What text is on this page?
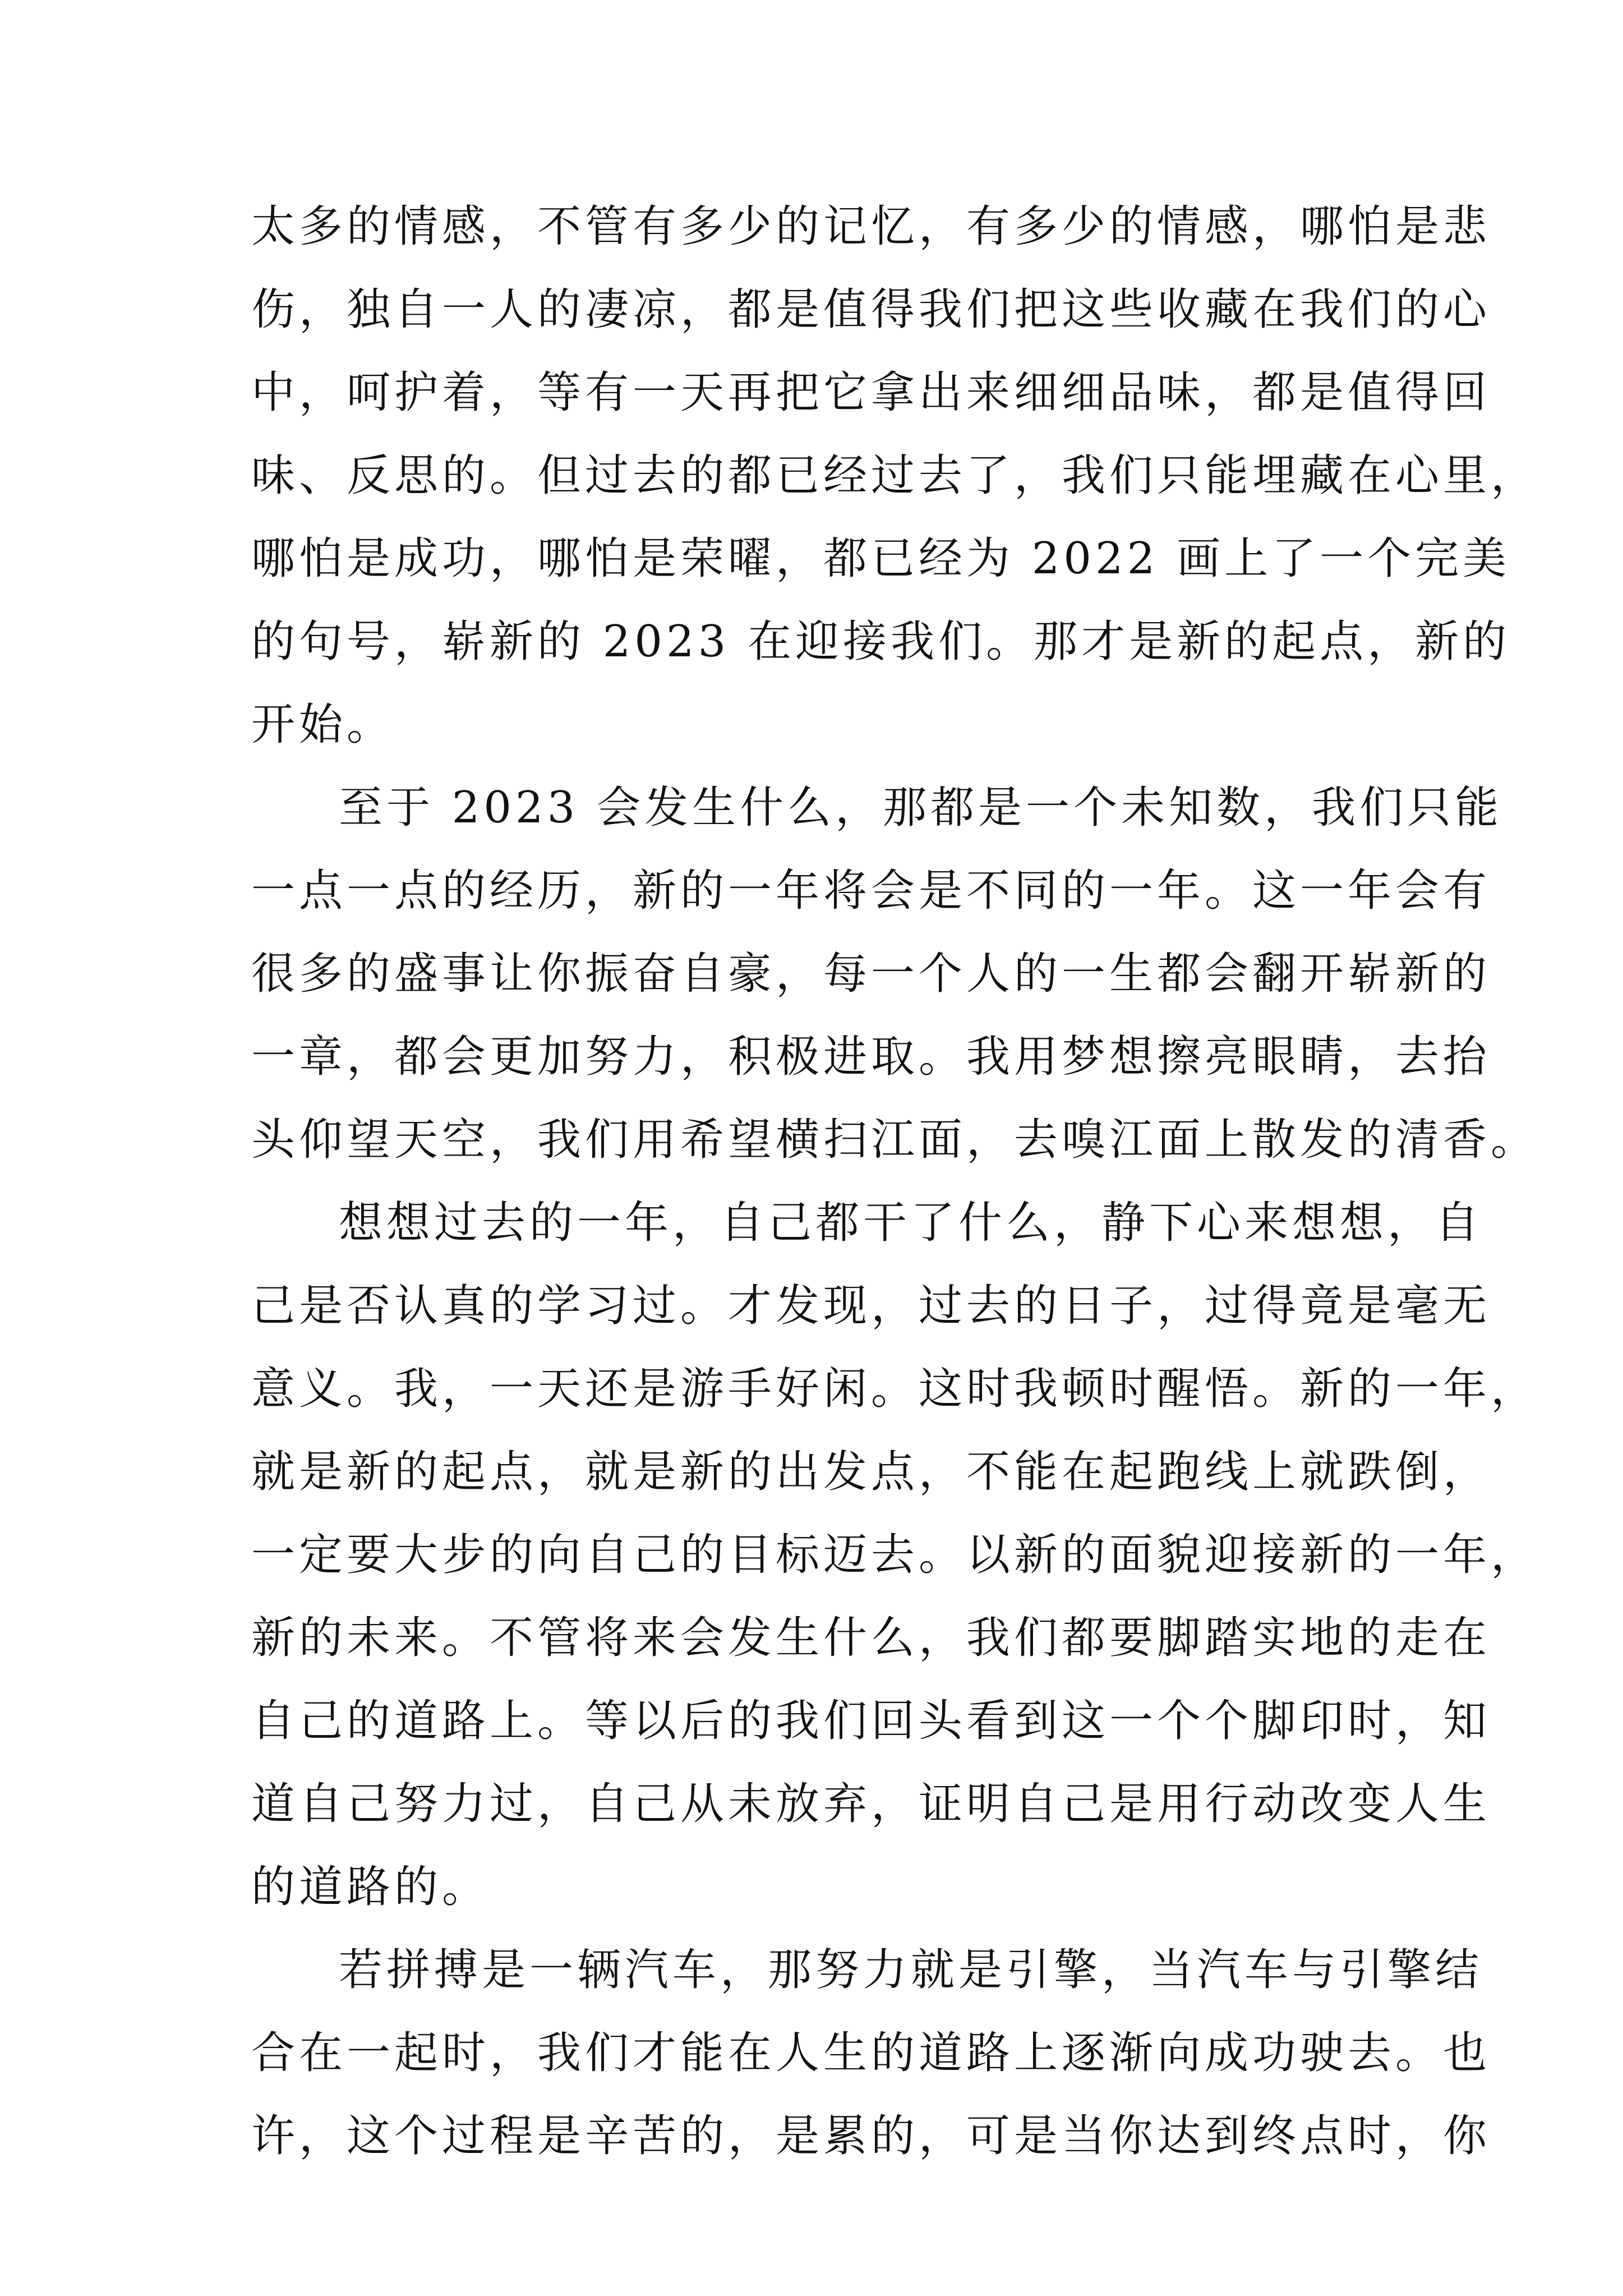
太多的情感，不管有多少的记忆，有多少的情感，哪怕是悲
伤，独自一人的凄凉，都是值得我们把这些收藏在我们的心
中，呵护着，等有一天再把它拿出来细细品味，都是值得回
味、反思的。但过去的都已经过去了，我们只能埋藏在心里，
哪怕是成功，哪怕是荣曜，都已经为 2022 画上了一个完美
的句号，崭新的 2023 在迎接我们。那才是新的起点，新的
开始。
至于 2023 会发生什么，那都是一个未知数，我们只能
一点一点的经历，新的一年将会是不同的一年。这一年会有
很多的盛事让你振奋自豪，每一个人的一生都会翻开崭新的
一章，都会更加努力，积极进取。我用梦想擦亮眼睛，去抬
头仰望天空，我们用希望横扫江面，去嗅江面上散发的清香。
想想过去的一年，自己都干了什么，静下心来想想，自
己是否认真的学习过。才发现，过去的日子，过得竟是毫无
意义。我，一天还是游手好闲。这时我顿时醒悟。新的一年，
就是新的起点，就是新的出发点，不能在起跑线上就跌倒，
一定要大步的向自己的目标迈去。以新的面貌迎接新的一年，
新的未来。不管将来会发生什么，我们都要脚踏实地的走在
自己的道路上。等以后的我们回头看到这一个个脚印时，知
道自己努力过，自己从未放弃，证明自己是用行动改变人生
的道路的。
若拼搏是一辆汽车，那努力就是引擎，当汽车与引擎结
合在一起时，我们才能在人生的道路上逐渐向成功驶去。也
许，这个过程是辛苦的，是累的，可是当你达到终点时，你
